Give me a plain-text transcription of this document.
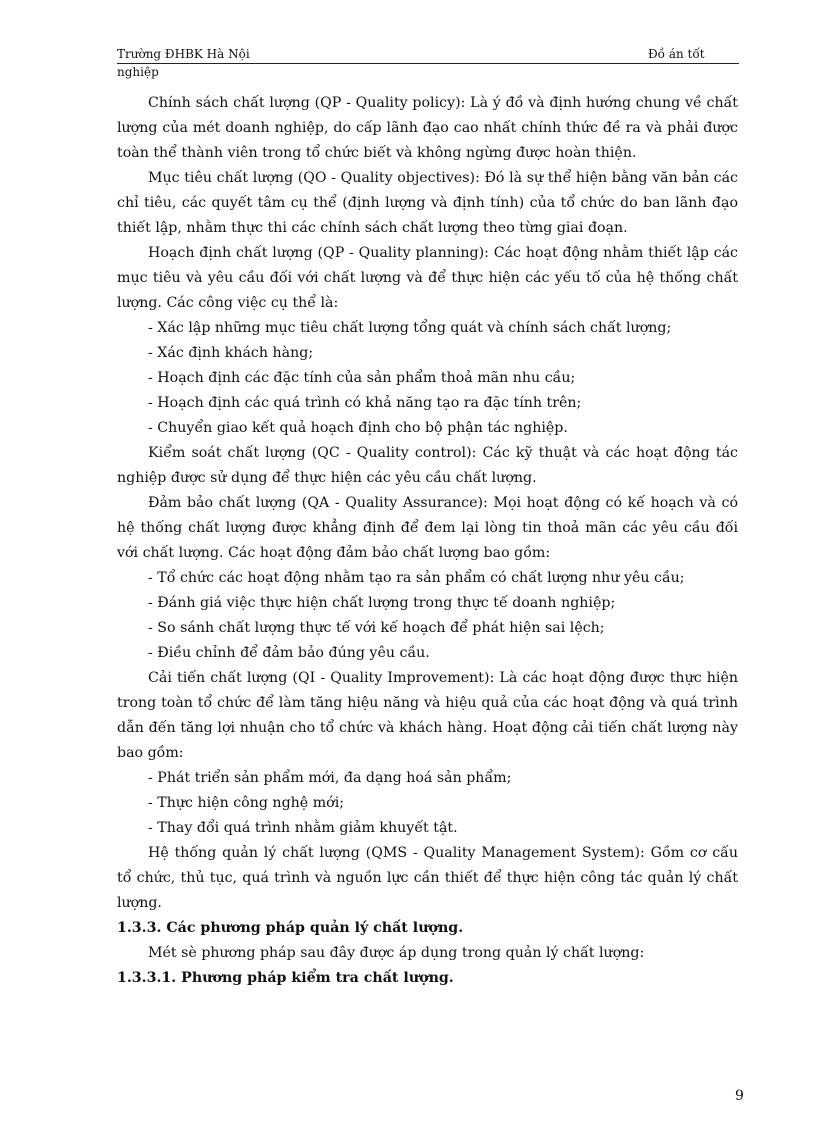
Trường ĐHBK Hà Nội	Đồ án tốt
nghiệp

Chính sách chất lượng (QP - Quality policy): Là ý đồ và định hướng chung về chất lượng của mét doanh nghiệp, do cấp lãnh đạo cao nhất chính thức đề ra và phải được toàn thể thành viên trong tổ chức biết và không ngừng được hoàn thiện.

Mục tiêu chất lượng (QO - Quality objectives): Đó là sự thể hiện bằng văn bản các chỉ tiêu, các quyết tâm cụ thể (định lượng và định tính) của tổ chức do ban lãnh đạo thiết lập, nhằm thực thi các chính sách chất lượng theo từng giai đoạn.

Hoạch định chất lượng (QP - Quality planning): Các hoạt động nhằm thiết lập các mục tiêu và yêu cầu đối với chất lượng và để thực hiện các yếu tố của hệ thống chất lượng. Các công việc cụ thể là:

- Xác lập những mục tiêu chất lượng tổng quát và chính sách chất lượng;

- Xác định khách hàng;

- Hoạch định các đặc tính của sản phẩm thoả mãn nhu cầu;

- Hoạch định các quá trình có khả năng tạo ra đặc tính trên;

- Chuyển giao kết quả hoạch định cho bộ phận tác nghiệp.

Kiểm soát chất lượng (QC - Quality control): Các kỹ thuật và các hoạt động tác nghiệp được sử dụng để thực hiện các yêu cầu chất lượng.

Đảm bảo chất lượng (QA - Quality Assurance): Mọi hoạt động có kế hoạch và có hệ thống chất lượng được khẳng định để đem lại lòng tin thoả mãn các yêu cầu đối với chất lượng. Các hoạt động đảm bảo chất lượng bao gồm:

- Tổ chức các hoạt động nhằm tạo ra sản phẩm có chất lượng như yêu cầu;

- Đánh giá việc thực hiện chất lượng trong thực tế doanh nghiệp;

- So sánh chất lượng thực tế với kế hoạch để phát hiện sai lệch;

- Điều chỉnh để đảm bảo đúng yêu cầu.

Cải tiến chất lượng (QI - Quality Improvement): Là các hoạt động được thực hiện trong toàn tổ chức để làm tăng hiệu năng và hiệu quả của các hoạt động và quá trình dẫn đến tăng lợi nhuận cho tổ chức và khách hàng. Hoạt động cải tiến chất lượng này bao gồm:

- Phát triển sản phẩm mới, đa dạng hoá sản phẩm;

- Thực hiện công nghệ mới;

- Thay đổi quá trình nhằm giảm khuyết tật.

Hệ thống quản lý chất lượng (QMS - Quality Management System): Gồm cơ cấu tổ chức, thủ tục, quá trình và nguồn lực cần thiết để thực hiện công tác quản lý chất lượng.

1.3.3. Các phương pháp quản lý chất lượng.

Mét sè phương pháp sau đây được áp dụng trong quản lý chất lượng:

1.3.3.1. Phương pháp kiểm tra chất lượng.

9
